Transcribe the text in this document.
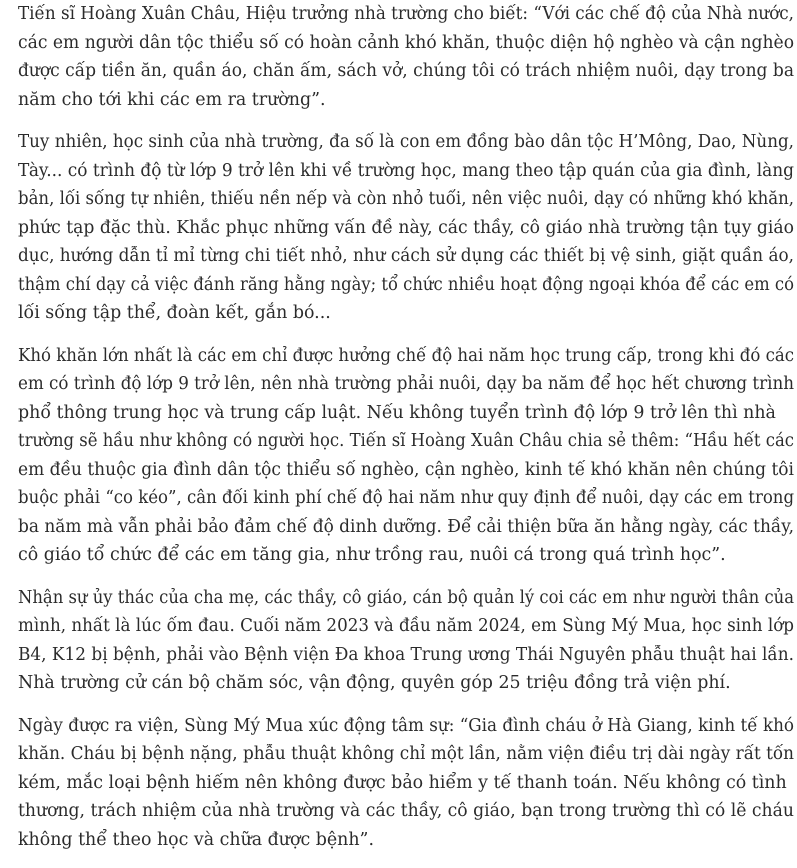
Tiến sĩ Hoàng Xuân Châu, Hiệu trưởng nhà trường cho biết: “Với các chế độ của Nhà nước,
các em người dân tộc thiểu số có hoàn cảnh khó khăn, thuộc diện hộ nghèo và cận nghèo
được cấp tiền ăn, quần áo, chăn ấm, sách vở, chúng tôi có trách nhiệm nuôi, dạy trong ba
năm cho tới khi các em ra trường”.

Tuy nhiên, học sinh của nhà trường, đa số là con em đồng bào dân tộc H’Mông, Dao, Nùng,
Tày... có trình độ từ lớp 9 trở lên khi về trường học, mang theo tập quán của gia đình, làng
bản, lối sống tự nhiên, thiếu nền nếp và còn nhỏ tuổi, nên việc nuôi, dạy có những khó khăn,
phức tạp đặc thù. Khắc phục những vấn đề này, các thầy, cô giáo nhà trường tận tụy giáo
dục, hướng dẫn tỉ mỉ từng chi tiết nhỏ, như cách sử dụng các thiết bị vệ sinh, giặt quần áo,
thậm chí dạy cả việc đánh răng hằng ngày; tổ chức nhiều hoạt động ngoại khóa để các em có
lối sống tập thể, đoàn kết, gắn bó...

Khó khăn lớn nhất là các em chỉ được hưởng chế độ hai năm học trung cấp, trong khi đó các
em có trình độ lớp 9 trở lên, nên nhà trường phải nuôi, dạy ba năm để học hết chương trình
phổ thông trung học và trung cấp luật. Nếu không tuyển trình độ lớp 9 trở lên thì nhà
trường sẽ hầu như không có người học. Tiến sĩ Hoàng Xuân Châu chia sẻ thêm: “Hầu hết các
em đều thuộc gia đình dân tộc thiểu số nghèo, cận nghèo, kinh tế khó khăn nên chúng tôi
buộc phải “co kéo”, cân đối kinh phí chế độ hai năm như quy định để nuôi, dạy các em trong
ba năm mà vẫn phải bảo đảm chế độ dinh dưỡng. Để cải thiện bữa ăn hằng ngày, các thầy,
cô giáo tổ chức để các em tăng gia, như trồng rau, nuôi cá trong quá trình học”.

Nhận sự ủy thác của cha mẹ, các thầy, cô giáo, cán bộ quản lý coi các em như người thân của
mình, nhất là lúc ốm đau. Cuối năm 2023 và đầu năm 2024, em Sùng Mý Mua, học sinh lớp
B4, K12 bị bệnh, phải vào Bệnh viện Đa khoa Trung ương Thái Nguyên phẫu thuật hai lần.
Nhà trường cử cán bộ chăm sóc, vận động, quyên góp 25 triệu đồng trả viện phí.

Ngày được ra viện, Sùng Mý Mua xúc động tâm sự: “Gia đình cháu ở Hà Giang, kinh tế khó
khăn. Cháu bị bệnh nặng, phẫu thuật không chỉ một lần, nằm viện điều trị dài ngày rất tốn
kém, mắc loại bệnh hiếm nên không được bảo hiểm y tế thanh toán. Nếu không có tình
thương, trách nhiệm của nhà trường và các thầy, cô giáo, bạn trong trường thì có lẽ cháu
không thể theo học và chữa được bệnh”.
